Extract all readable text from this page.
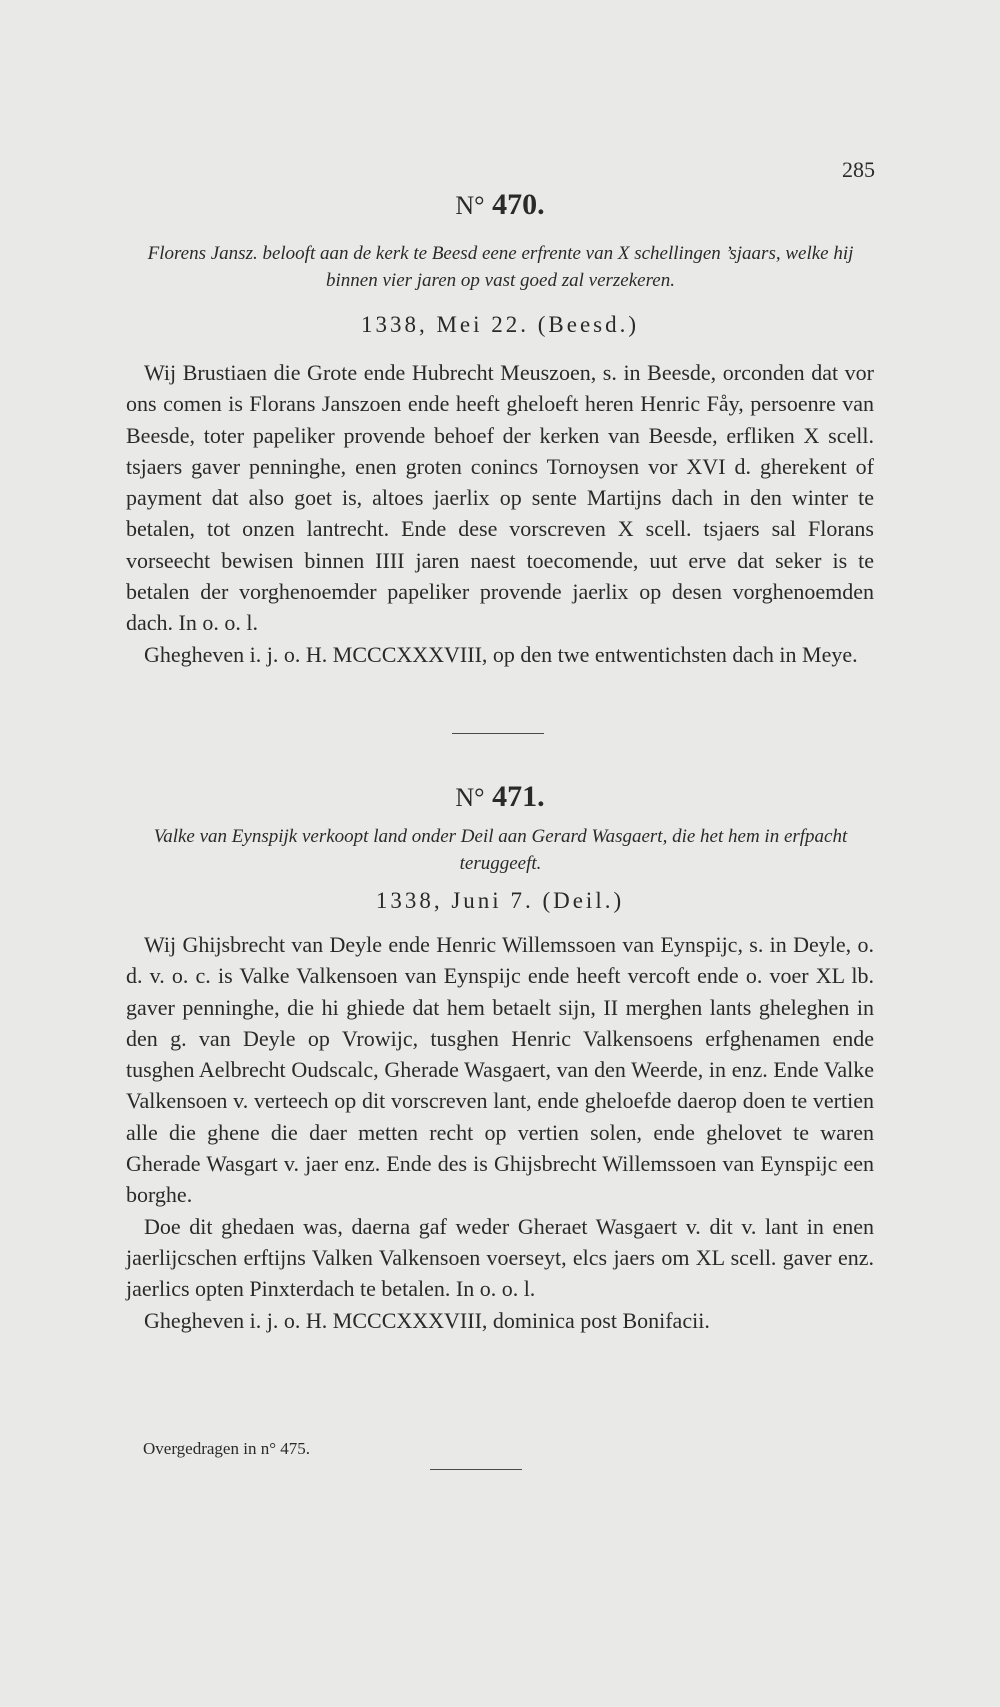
285
N° 470.
Florens Jansz. belooft aan de kerk te Beesd eene erfrente van X schellingen ’sjaars, welke hij binnen vier jaren op vast goed zal verzekeren.
1338, Mei 22. (Beesd.)

Wij Brustiaen die Grote ende Hubrecht Meuszoen, s. in Beesde, orconden dat vor ons comen is Florans Janszoen ende heeft gheloeft heren Henric Fåy, persoenre van Beesde, toter papeliker provende behoef der kerken van Beesde, erfliken X scell. tsjaers gaver penninghe, enen groten conincs Tornoysen vor XVI d. gherekent of payment dat also goet is, altoes jaerlix op sente Martijns dach in den winter te betalen, tot onzen lantrecht. Ende dese vorscreven X scell. tsjaers sal Florans vorseecht bewisen binnen IIII jaren naest toecomende, uut erve dat seker is te betalen der vorghenoemder papeliker provende jaerlix op desen vorghenoemden dach. In o. o. l.

Ghegheven i. j. o. H. MCCCXXXVIII, op den twe entwentichsten dach in Meye.

N° 471.
Valke van Eynspijk verkoopt land onder Deil aan Gerard Wasgaert, die het hem in erfpacht teruggeeft.
1338, Juni 7. (Deil.)

Wij Ghijsbrecht van Deyle ende Henric Willemssoen van Eynspijc, s. in Deyle, o. d. v. o. c. is Valke Valkensoen van Eynspijc ende heeft vercoft ende o. voer XL lb. gaver penninghe, die hi ghiede dat hem betaelt sijn, II merghen lants gheleghen in den g. van Deyle op Vrowijc, tusghen Henric Valkensoens erfghenamen ende tusghen Aelbrecht Oudscalc, Gherade Wasgaert, van den Weerde, in enz. Ende Valke Valkensoen v. verteech op dit vorscreven lant, ende gheloefde daerop doen te vertien alle die ghene die daer metten recht op vertien solen, ende ghelovet te waren Gherade Wasgart v. jaer enz. Ende des is Ghijsbrecht Willemssoen van Eynspijc een borghe.

Doe dit ghedaen was, daerna gaf weder Gheraet Wasgaert v. dit v. lant in enen jaerlijcschen erftijns Valken Valkensoen voerseyt, elcs jaers om XL scell. gaver enz. jaerlics opten Pinxterdach te betalen. In o. o. l.

Ghegheven i. j. o. H. MCCCXXXVIII, dominica post Bonifacii.

Overgedragen in n° 475.
